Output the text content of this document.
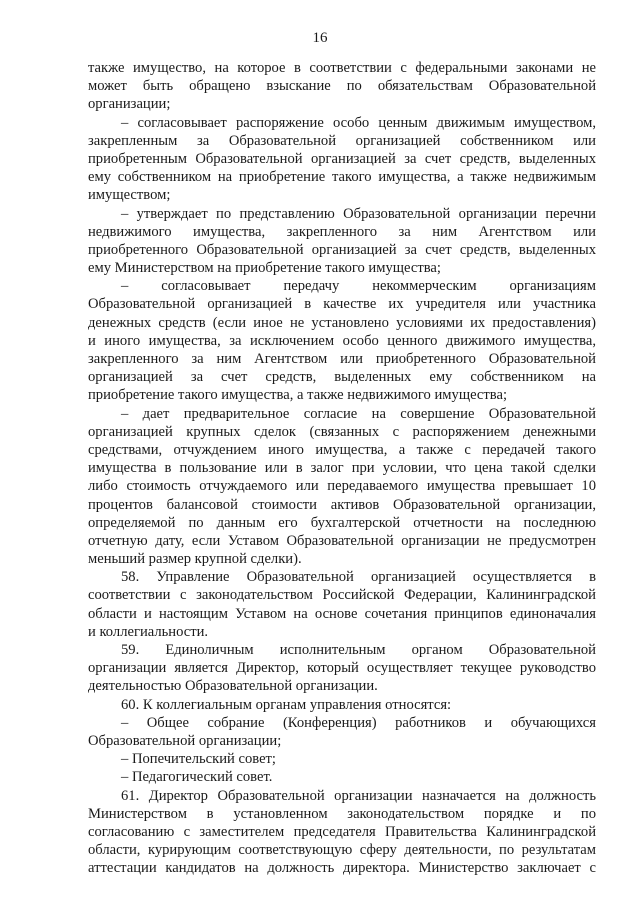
16
также имущество, на которое в соответствии с федеральными законами не
может быть обращено взыскание по обязательствам Образовательной
организации;
– согласовывает распоряжение особо ценным движимым имуществом,
закрепленным за Образовательной организацией собственником или
приобретенным Образовательной организацией за счет средств, выделенных
ему собственником на приобретение такого имущества, а также недвижимым
имуществом;
– утверждает по представлению Образовательной организации перечни
недвижимого имущества, закрепленного за ним Агентством или
приобретенного Образовательной организацией за счет средств, выделенных
ему Министерством на приобретение такого имущества;
– согласовывает передачу некоммерческим организациям
Образовательной организацией в качестве их учредителя или участника
денежных средств (если иное не установлено условиями их предоставления)
и иного имущества, за исключением особо ценного движимого имущества,
закрепленного за ним Агентством или приобретенного Образовательной
организацией за счет средств, выделенных ему собственником на
приобретение такого имущества, а также недвижимого имущества;
– дает предварительное согласие на совершение Образовательной
организацией крупных сделок (связанных с распоряжением денежными
средствами, отчуждением иного имущества, а также с передачей такого
имущества в пользование или в залог при условии, что цена такой сделки
либо стоимость отчуждаемого или передаваемого имущества превышает 10
процентов балансовой стоимости активов Образовательной организации,
определяемой по данным его бухгалтерской отчетности на последнюю
отчетную дату, если Уставом Образовательной организации не предусмотрен
меньший размер крупной сделки).
58. Управление Образовательной организацией осуществляется в
соответствии с законодательством Российской Федерации, Калининградской
области и настоящим Уставом на основе сочетания принципов единоначалия
и коллегиальности.
59. Единоличным исполнительным органом Образовательной
организации является Директор, который осуществляет текущее руководство
деятельностью Образовательной организации.
60. К коллегиальным органам управления относятся:
– Общее собрание (Конференция) работников и обучающихся
Образовательной организации;
– Попечительский совет;
– Педагогический совет.
61. Директор Образовательной организации назначается на должность
Министерством в установленном законодательством порядке и по
согласованию с заместителем председателя Правительства Калининградской
области, курирующим соответствующую сферу деятельности, по результатам
аттестации кандидатов на должность директора. Министерство заключает с
